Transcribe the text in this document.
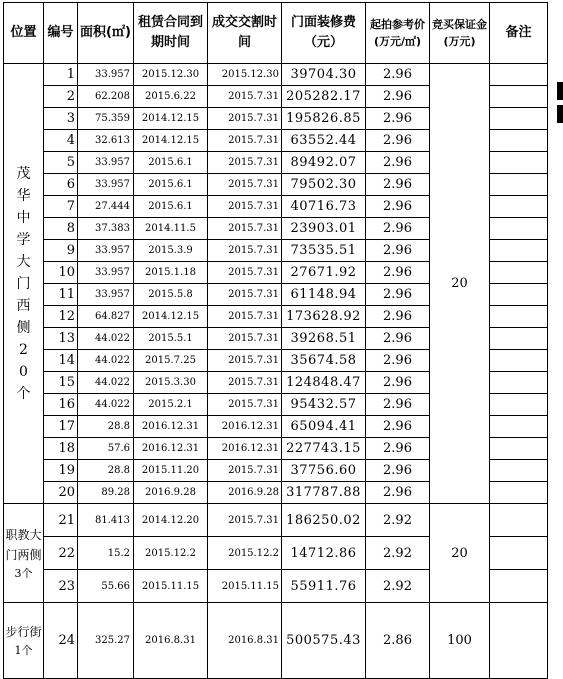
位置	编号	面积(㎡)	租赁合同到期时间	成交交割时间	门面装修费（元）	起拍参考价(万元/㎡)	竞买保证金(万元)	备注
茂华中学大门西侧20个	1	33.957	2015.12.30	2015.12.30	39704.30	2.96	20	
	2	62.208	2015.6.22	2015.7.31	205282.17	2.96		
	3	75.359	2014.12.15	2015.7.31	195826.85	2.96		
	4	32.613	2014.12.15	2015.7.31	63552.44	2.96		
	5	33.957	2015.6.1	2015.7.31	89492.07	2.96		
	6	33.957	2015.6.1	2015.7.31	79502.30	2.96		
	7	27.444	2015.6.1	2015.7.31	40716.73	2.96		
	8	37.383	2014.11.5	2015.7.31	23903.01	2.96		
	9	33.957	2015.3.9	2015.7.31	73535.51	2.96		
	10	33.957	2015.1.18	2015.7.31	27671.92	2.96		
	11	33.957	2015.5.8	2015.7.31	61148.94	2.96		
	12	64.827	2014.12.15	2015.7.31	173628.92	2.96		
	13	44.022	2015.5.1	2015.7.31	39268.51	2.96		
	14	44.022	2015.7.25	2015.7.31	35674.58	2.96		
	15	44.022	2015.3.30	2015.7.31	124848.47	2.96		
	16	44.022	2015.2.1	2015.7.31	95432.57	2.96		
	17	28.8	2016.12.31	2016.12.31	65094.41	2.96		
	18	57.6	2016.12.31	2016.12.31	227743.15	2.96		
	19	28.8	2015.11.20	2015.7.31	37756.60	2.96		
	20	89.28	2016.9.28	2016.9.28	317787.88	2.96		

职教大门两侧
3个	21	81.413	2014.12.20	2015.7.31	186250.02	2.92	20	
	22	15.2	2015.12.2	2015.12.2	14712.86	2.92		
	23	55.66	2015.11.15	2015.11.15	55911.76	2.92		

步行街
1个	24	325.27	2016.8.31	2016.8.31	500575.43	2.86	100	
